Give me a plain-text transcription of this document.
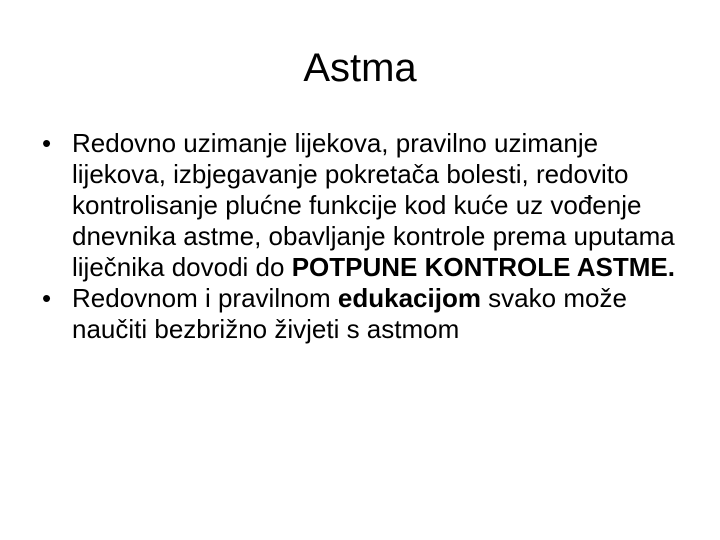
Astma
• Redovno uzimanje lijekova, pravilno uzimanje lijekova, izbjegavanje pokretača bolesti, redovito kontrolisanje plućne funkcije kod kuće uz vođenje dnevnika astme, obavljanje kontrole prema uputama liječnika dovodi do POTPUNE KONTROLE ASTME.
• Redovnom i pravilnom edukacijom svako može naučiti bezbrižno živjeti s astmom
